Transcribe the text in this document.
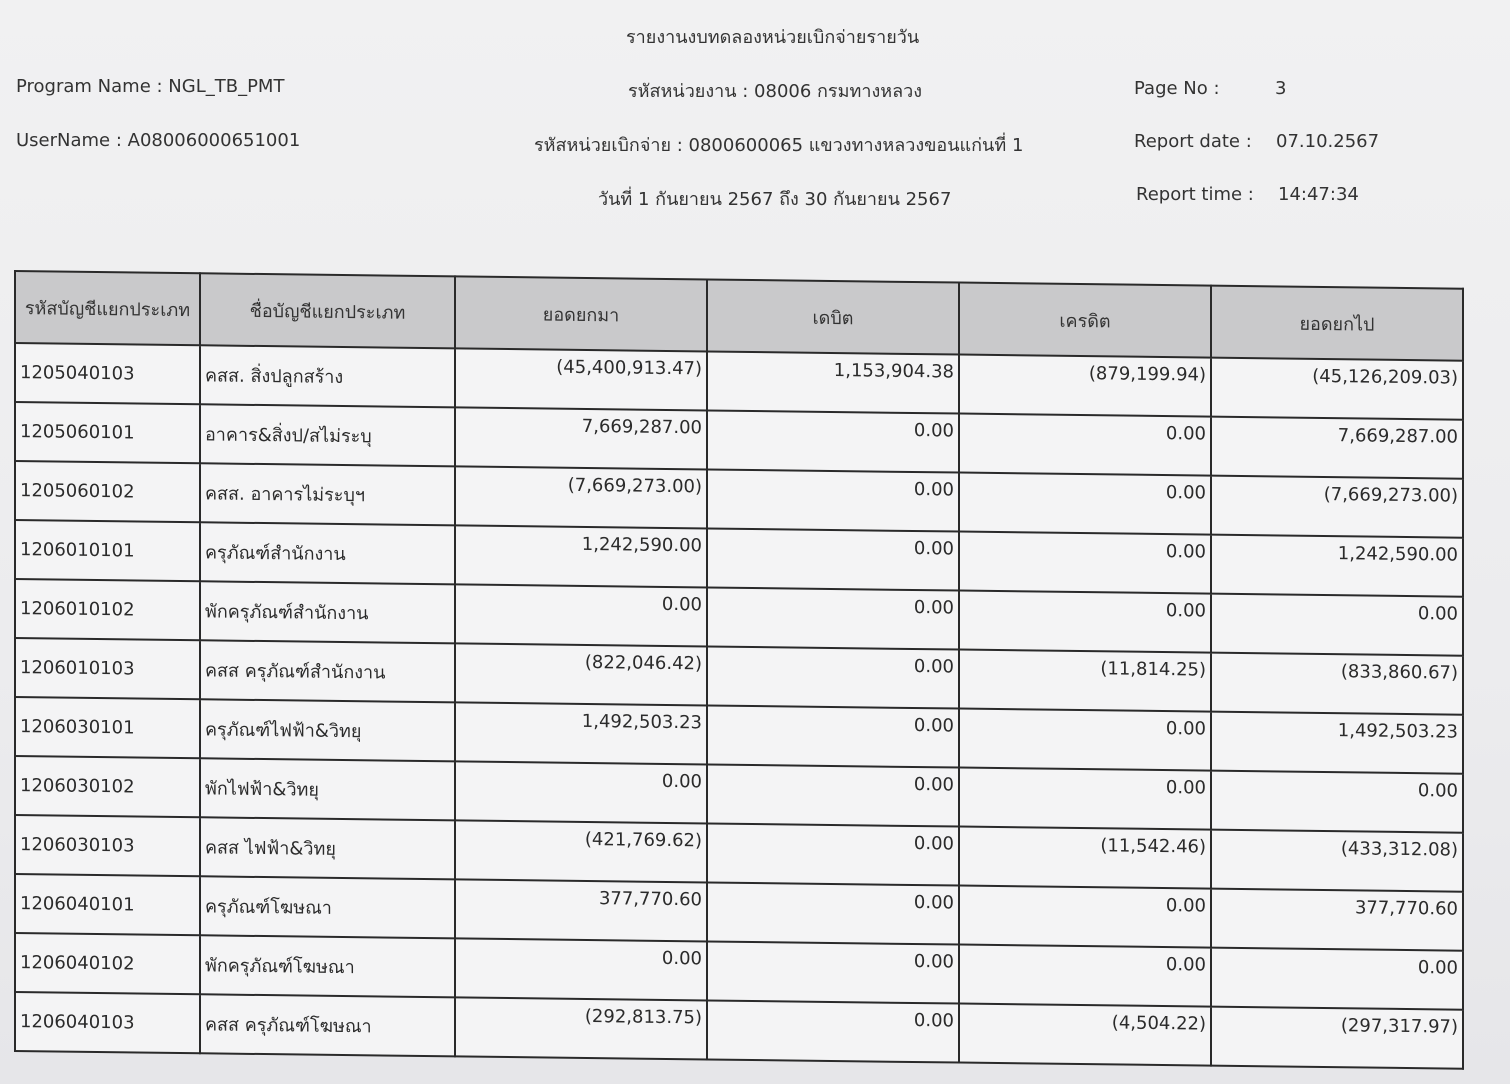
รายงานงบทดลองหน่วยเบิกจ่ายรายวัน
Program Name : NGL_TB_PMT	รหัสหน่วยงาน : 08006 กรมทางหลวง	Page No :	3
UserName : A08006000651001	รหัสหน่วยเบิกจ่าย : 0800600065 แขวงทางหลวงขอนแก่นที่ 1	Report date : 07.10.2567
วันที่ 1 กันยายน 2567 ถึง 30 กันยายน 2567	Report time : 14:47:34
รหัสบัญชีแยกประเภท	ชื่อบัญชีแยกประเภท	ยอดยกมา	เดบิต	เครดิต	ยอดยกไป
1205040103	คสส. สิ่งปลูกสร้าง	(45,400,913.47)	1,153,904.38	(879,199.94)	(45,126,209.03)
1205060101	อาคาร&สิ่งป/สไม่ระบุ	7,669,287.00	0.00	0.00	7,669,287.00
1205060102	คสส. อาคารไม่ระบุฯ	(7,669,273.00)	0.00	0.00	(7,669,273.00)
1206010101	ครุภัณฑ์สำนักงาน	1,242,590.00	0.00	0.00	1,242,590.00
1206010102	พักครุภัณฑ์สำนักงาน	0.00	0.00	0.00	0.00
1206010103	คสส ครุภัณฑ์สำนักงาน	(822,046.42)	0.00	(11,814.25)	(833,860.67)
1206030101	ครุภัณฑ์ไฟฟ้า&วิทยุ	1,492,503.23	0.00	0.00	1,492,503.23
1206030102	พักไฟฟ้า&วิทยุ	0.00	0.00	0.00	0.00
1206030103	คสส ไฟฟ้า&วิทยุ	(421,769.62)	0.00	(11,542.46)	(433,312.08)
1206040101	ครุภัณฑ์โฆษณา	377,770.60	0.00	0.00	377,770.60
1206040102	พักครุภัณฑ์โฆษณา	0.00	0.00	0.00	0.00
1206040103	คสส ครุภัณฑ์โฆษณา	(292,813.75)	0.00	(4,504.22)	(297,317.97)
